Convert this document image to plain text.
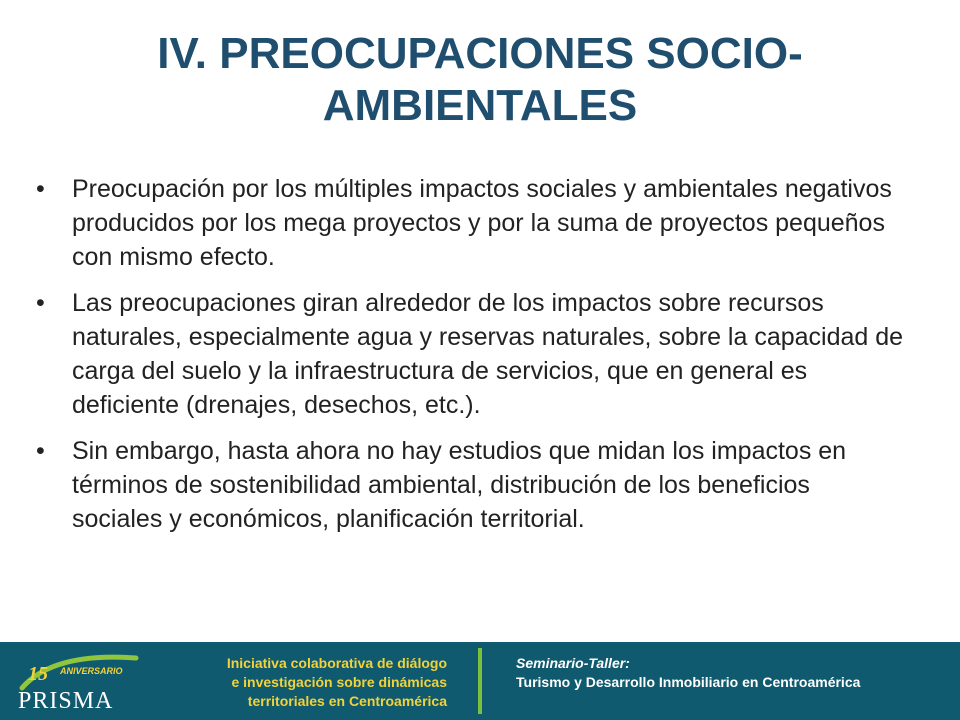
IV. PREOCUPACIONES SOCIO-
AMBIENTALES
•	Preocupación por los múltiples impactos sociales y ambientales negativos producidos por los mega proyectos y por la suma de proyectos pequeños con mismo efecto.
•	Las preocupaciones giran alrededor de los impactos sobre recursos naturales, especialmente agua y reservas naturales, sobre la capacidad de carga del suelo y la infraestructura de servicios, que en general es deficiente (drenajes, desechos, etc.).
•	Sin embargo, hasta ahora no hay estudios que midan los impactos en términos de sostenibilidad ambiental, distribución de los beneficios sociales y económicos, planificación territorial.
15 ANIVERSARIO
PRISMA
Iniciativa colaborativa de diálogo
e investigación sobre dinámicas
territoriales en Centroamérica
Seminario-Taller:
Turismo y Desarrollo Inmobiliario en Centroamérica
